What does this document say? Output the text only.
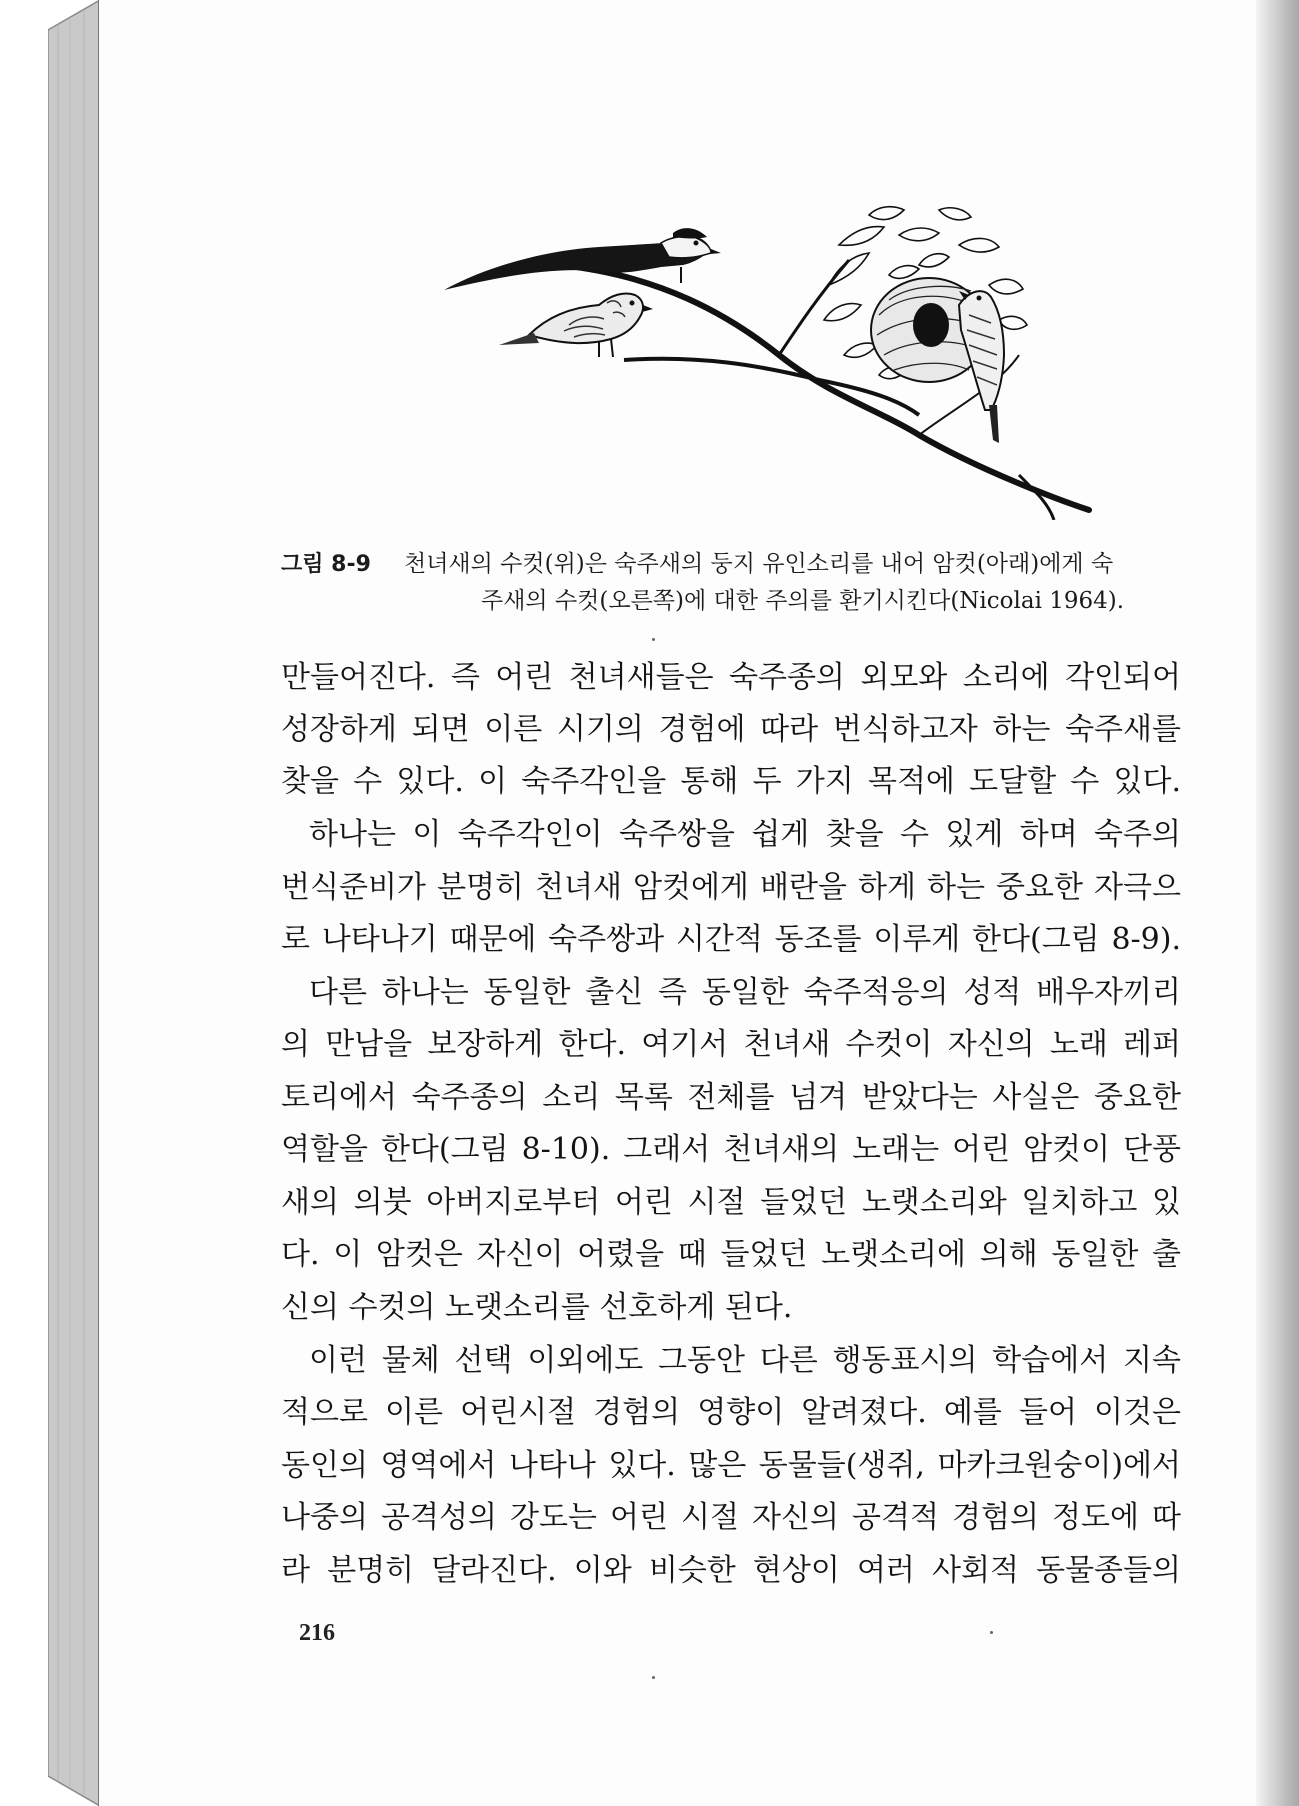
그림 8-9 천녀새의 수컷(위)은 숙주새의 둥지 유인소리를 내어 암컷(아래)에게 숙
주새의 수컷(오른쪽)에 대한 주의를 환기시킨다(Nicolai 1964).
만들어진다. 즉 어린 천녀새들은 숙주종의 외모와 소리에 각인되어
성장하게 되면 이른 시기의 경험에 따라 번식하고자 하는 숙주새를
찾을 수 있다. 이 숙주각인을 통해 두 가지 목적에 도달할 수 있다.
하나는 이 숙주각인이 숙주쌍을 쉽게 찾을 수 있게 하며 숙주의
번식준비가 분명히 천녀새 암컷에게 배란을 하게 하는 중요한 자극으
로 나타나기 때문에 숙주쌍과 시간적 동조를 이루게 한다(그림 8-9).
다른 하나는 동일한 출신 즉 동일한 숙주적응의 성적 배우자끼리
의 만남을 보장하게 한다. 여기서 천녀새 수컷이 자신의 노래 레퍼
토리에서 숙주종의 소리 목록 전체를 넘겨 받았다는 사실은 중요한
역할을 한다(그림 8-10). 그래서 천녀새의 노래는 어린 암컷이 단풍
새의 의붓 아버지로부터 어린 시절 들었던 노랫소리와 일치하고 있
다. 이 암컷은 자신이 어렸을 때 들었던 노랫소리에 의해 동일한 출
신의 수컷의 노랫소리를 선호하게 된다.
이런 물체 선택 이외에도 그동안 다른 행동표시의 학습에서 지속
적으로 이른 어린시절 경험의 영향이 알려졌다. 예를 들어 이것은
동인의 영역에서 나타나 있다. 많은 동물들(생쥐, 마카크원숭이)에서
나중의 공격성의 강도는 어린 시절 자신의 공격적 경험의 정도에 따
라 분명히 달라진다. 이와 비슷한 현상이 여러 사회적 동물종들의
216
